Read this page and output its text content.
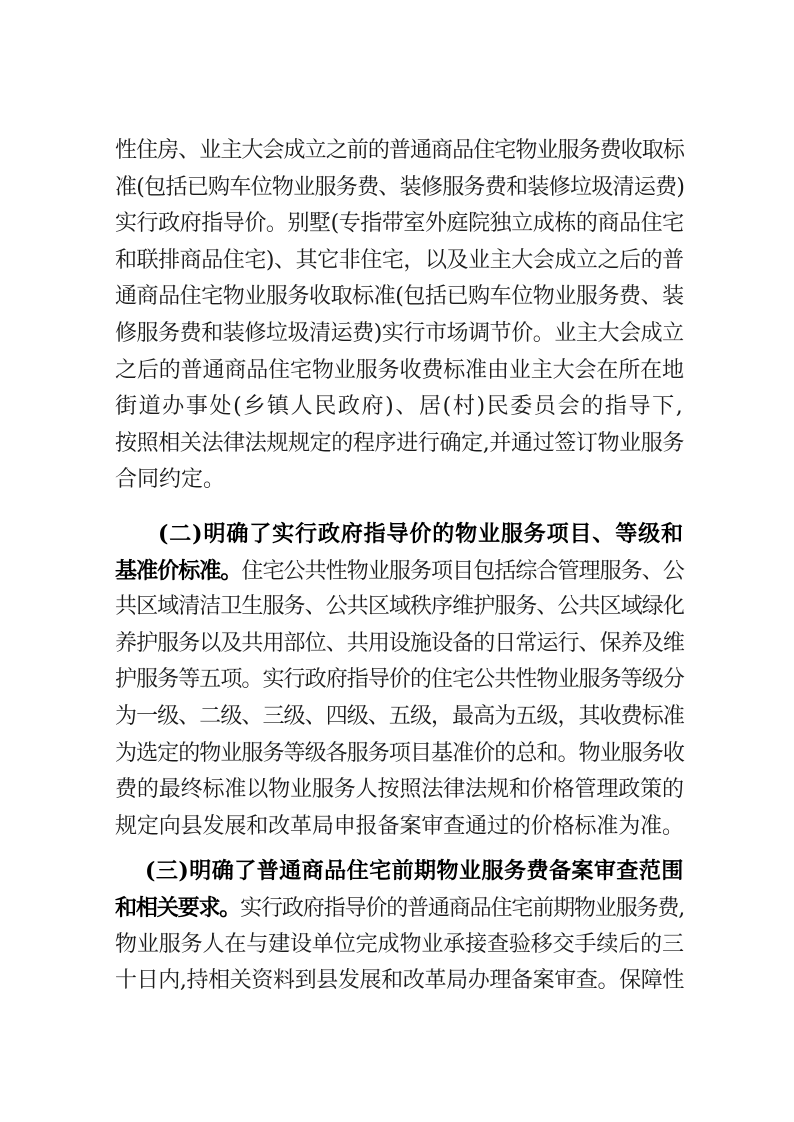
性住房、业主大会成立之前的普通商品住宅物业服务费收取标
准(包括已购车位物业服务费、装修服务费和装修垃圾清运费)
实行政府指导价。别墅(专指带室外庭院独立成栋的商品住宅
和联排商品住宅)、其它非住宅，以及业主大会成立之后的普
通商品住宅物业服务收取标准(包括已购车位物业服务费、装
修服务费和装修垃圾清运费)实行市场调节价。业主大会成立
之后的普通商品住宅物业服务收费标准由业主大会在所在地
街道办事处(乡镇人民政府)、居(村)民委员会的指导下,
按照相关法律法规规定的程序进行确定,并通过签订物业服务
合同约定。
(二)明确了实行政府指导价的物业服务项目、等级和
基准价标准。住宅公共性物业服务项目包括综合管理服务、公
共区域清洁卫生服务、公共区域秩序维护服务、公共区域绿化
养护服务以及共用部位、共用设施设备的日常运行、保养及维
护服务等五项。实行政府指导价的住宅公共性物业服务等级分
为一级、二级、三级、四级、五级，最高为五级，其收费标准
为选定的物业服务等级各服务项目基准价的总和。物业服务收
费的最终标准以物业服务人按照法律法规和价格管理政策的
规定向县发展和改革局申报备案审查通过的价格标准为准。
(三)明确了普通商品住宅前期物业服务费备案审查范围
和相关要求。实行政府指导价的普通商品住宅前期物业服务费,
物业服务人在与建设单位完成物业承接查验移交手续后的三
十日内,持相关资料到县发展和改革局办理备案审查。保障性
